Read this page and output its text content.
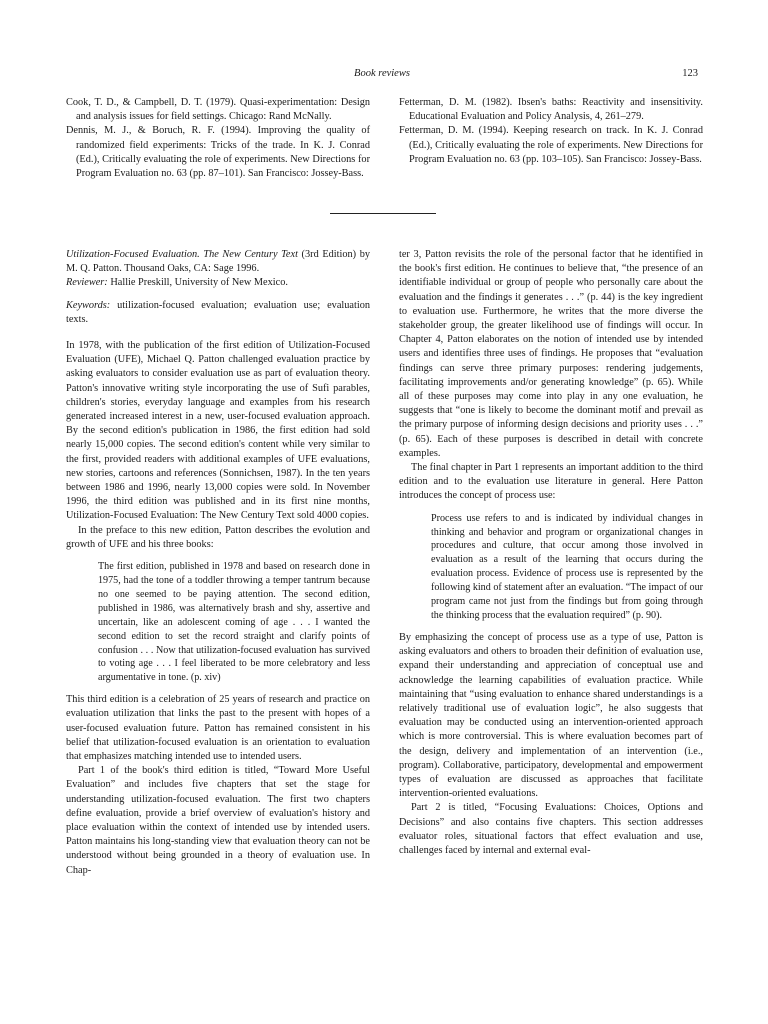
Book reviews	123

Cook, T. D., & Campbell, D. T. (1979). Quasi-experimentation: Design and analysis issues for field settings. Chicago: Rand McNally.

Dennis, M. J., & Boruch, R. F. (1994). Improving the quality of randomized field experiments: Tricks of the trade. In K. J. Conrad (Ed.), Critically evaluating the role of experiments. New Directions for Program Evaluation no. 63 (pp. 87–101). San Francisco: Jossey-Bass.

Fetterman, D. M. (1982). Ibsen's baths: Reactivity and insensitivity. Educational Evaluation and Policy Analysis, 4, 261–279.

Fetterman, D. M. (1994). Keeping research on track. In K. J. Conrad (Ed.), Critically evaluating the role of experiments. New Directions for Program Evaluation no. 63 (pp. 103–105). San Francisco: Jossey-Bass.

Utilization-Focused Evaluation. The New Century Text (3rd Edition) by M. Q. Patton. Thousand Oaks, CA: Sage 1996.

Reviewer: Hallie Preskill, University of New Mexico.

Keywords: utilization-focused evaluation; evaluation use; evaluation texts.

In 1978, with the publication of the first edition of Utilization-Focused Evaluation (UFE), Michael Q. Patton challenged evaluation practice by asking evaluators to consider evaluation use as part of evaluation theory. Patton's innovative writing style incorporating the use of Sufi parables, children's stories, everyday language and examples from his research generated increased interest in a new, user-focused evaluation approach. By the second edition's publication in 1986, the first edition had sold nearly 15,000 copies. The second edition's content while very similar to the first, provided readers with additional examples of UFE evaluations, new stories, cartoons and references (Sonnichsen, 1987). In the ten years between 1986 and 1996, nearly 13,000 copies were sold. In November 1996, the third edition was published and in its first nine months, Utilization-Focused Evaluation: The New Century Text sold 4000 copies.

In the preface to this new edition, Patton describes the evolution and growth of UFE and his three books:

The first edition, published in 1978 and based on research done in 1975, had the tone of a toddler throwing a temper tantrum because no one seemed to be paying attention. The second edition, published in 1986, was alternatively brash and shy, assertive and uncertain, like an adolescent coming of age . . . I wanted the second edition to set the record straight and clarify points of confusion . . . Now that utilization-focused evaluation has survived to voting age . . . I feel liberated to be more celebratory and less argumentative in tone. (p. xiv)

This third edition is a celebration of 25 years of research and practice on evaluation utilization that links the past to the present with hopes of a user-focused evaluation future. Patton has remained consistent in his belief that utilization-focused evaluation is an orientation to evaluation that emphasizes matching intended use to intended users.

Part 1 of the book's third edition is titled, “Toward More Useful Evaluation” and includes five chapters that set the stage for understanding utilization-focused evaluation. The first two chapters define evaluation, provide a brief overview of evaluation's history and place evaluation within the context of intended use by intended users. Patton maintains his long-standing view that evaluation theory can not be understood without being grounded in a theory of evaluation use. In Chap-

ter 3, Patton revisits the role of the personal factor that he identified in the book's first edition. He continues to believe that, “the presence of an identifiable individual or group of people who personally care about the evaluation and the findings it generates . . .” (p. 44) is the key ingredient to evaluation use. Furthermore, he writes that the more diverse the stakeholder group, the greater likelihood use of findings will occur. In Chapter 4, Patton elaborates on the notion of intended use by intended users and identifies three uses of findings. He proposes that “evaluation findings can serve three primary purposes: rendering judgements, facilitating improvements and/or generating knowledge” (p. 65). While all of these purposes may come into play in any one evaluation, he suggests that “one is likely to become the dominant motif and prevail as the primary purpose of informing design decisions and priority uses . . .” (p. 65). Each of these purposes is described in detail with concrete examples.

The final chapter in Part 1 represents an important addition to the third edition and to the evaluation use literature in general. Here Patton introduces the concept of process use:

Process use refers to and is indicated by individual changes in thinking and behavior and program or organizational changes in procedures and culture, that occur among those involved in evaluation as a result of the learning that occurs during the evaluation process. Evidence of process use is represented by the following kind of statement after an evaluation. “The impact of our program came not just from the findings but from going through the thinking process that the evaluation required” (p. 90).

By emphasizing the concept of process use as a type of use, Patton is asking evaluators and others to broaden their definition of evaluation use, expand their understanding and appreciation of conceptual use and acknowledge the learning capabilities of evaluation practice. While maintaining that “using evaluation to enhance shared understandings is a relatively traditional use of evaluation logic”, he also suggests that evaluation may be conducted using an intervention-oriented approach which is more controversial. This is where evaluation becomes part of the design, delivery and implementation of an intervention (i.e., program). Collaborative, participatory, developmental and empowerment types of evaluation are discussed as approaches that facilitate intervention-oriented evaluations.

Part 2 is titled, “Focusing Evaluations: Choices, Options and Decisions” and also contains five chapters. This section addresses evaluator roles, situational factors that effect evaluation and use, challenges faced by internal and external eval-
